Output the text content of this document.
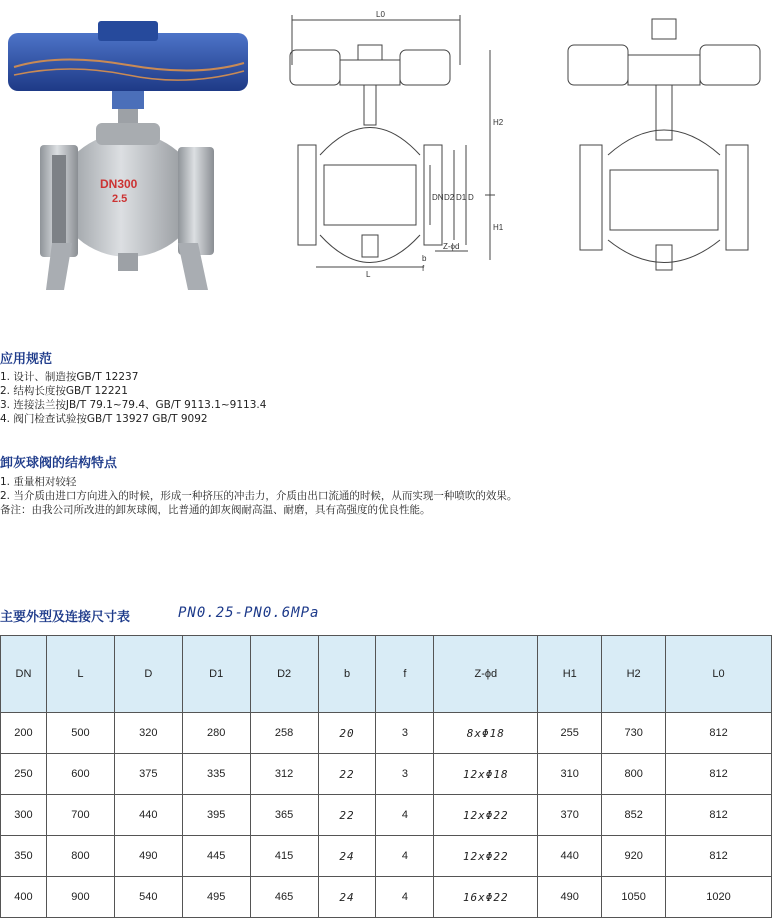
DN300
2.5
L0
H2
H1
DN D2 D1 D
Z-ϕd
L
b
f
应用规范
1. 设计、制造按GB/T 12237
2. 结构长度按GB/T 12221
3. 连接法兰按JB/T 79.1~79.4、GB/T 9113.1~9113.4
4. 阀门检查试验按GB/T 13927 GB/T 9092
卸灰球阀的结构特点
1. 重量相对较轻
2. 当介质由进口方向进入的时候，形成一种挤压的冲击力，介质由出口流通的时候，从而实现一种喷吹的效果。
备注：由我公司所改进的卸灰球阀，比普通的卸灰阀耐高温、耐磨，具有高强度的优良性能。
主要外型及连接尺寸表	PN0.25-PN0.6MPa
DN	L	D	D1	D2	b	f	Z-ϕd	H1	H2	L0
200	500	320	280	258	20	3	8xΦ18	255	730	812
250	600	375	335	312	22	3	12xΦ18	310	800	812
300	700	440	395	365	22	4	12xΦ22	370	852	812
350	800	490	445	415	24	4	12xΦ22	440	920	812
400	900	540	495	465	24	4	16xΦ22	490	1050	1020
